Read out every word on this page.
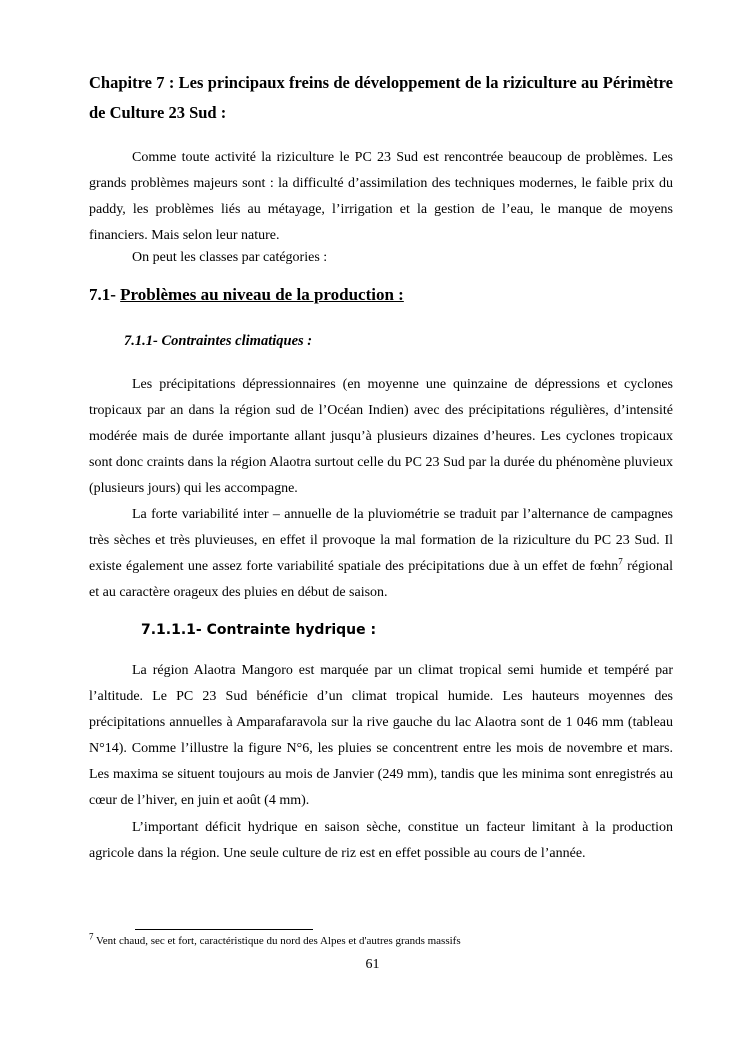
Chapitre 7 : Les principaux freins de développement de la riziculture au Périmètre de Culture 23 Sud :

Comme toute activité la riziculture le PC 23 Sud est rencontrée beaucoup de problèmes. Les grands problèmes majeurs sont : la difficulté d’assimilation des techniques modernes, le faible prix du paddy, les problèmes liés au métayage, l’irrigation et la gestion de l’eau, le manque de moyens financiers. Mais selon leur nature.

On peut les classes par catégories :

7.1- Problèmes au niveau de la production :
7.1.1- Contraintes climatiques :

Les précipitations dépressionnaires (en moyenne une quinzaine de dépressions et cyclones tropicaux par an dans la région sud de l’Océan Indien) avec des précipitations régulières, d’intensité modérée mais de durée importante allant jusqu’à plusieurs dizaines d’heures. Les cyclones tropicaux sont donc craints dans la région Alaotra surtout celle du PC 23 Sud par la durée du phénomène pluvieux (plusieurs jours) qui les accompagne.

La forte variabilité inter – annuelle de la pluviométrie se traduit par l’alternance de campagnes très sèches et très pluvieuses, en effet il provoque la mal formation de la riziculture du PC 23 Sud. Il existe également une assez forte variabilité spatiale des précipitations due à un effet de fœhn$^7$ régional et au caractère orageux des pluies en début de saison.

7.1.1.1- Contrainte hydrique :

La région Alaotra Mangoro est marquée par un climat tropical semi humide et tempéré par l’altitude. Le PC 23 Sud bénéficie d’un climat tropical humide. Les hauteurs moyennes des précipitations annuelles à Amparafaravola sur la rive gauche du lac Alaotra sont de 1 046 mm (tableau N°14). Comme l’illustre la figure N°6, les pluies se concentrent entre les mois de novembre et mars. Les maxima se situent toujours au mois de Janvier (249 mm), tandis que les minima sont enregistrés au cœur de l’hiver, en juin et août (4 mm).

L’important déficit hydrique en saison sèche, constitue un facteur limitant à la production agricole dans la région. Une seule culture de riz est en effet possible au cours de l’année.

$^7$ Vent chaud, sec et fort, caractéristique du nord des Alpes et d'autres grands massifs

61
